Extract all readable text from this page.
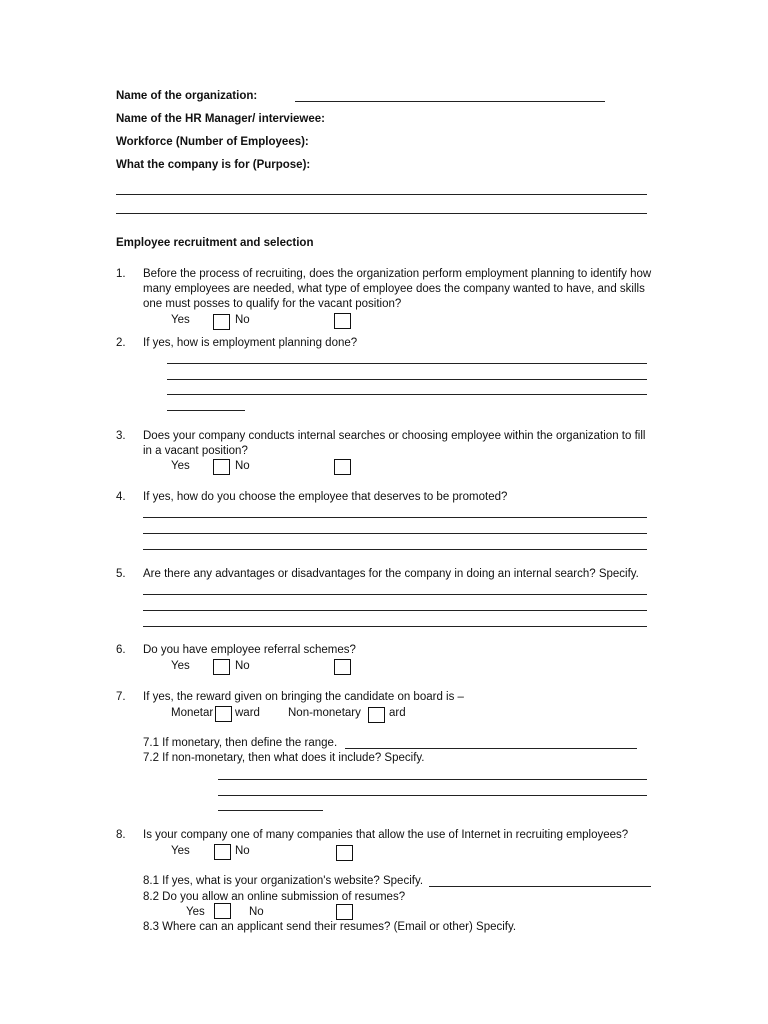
Name of the organization:
Name of the HR Manager/ interviewee:
Workforce (Number of Employees):
What the company is for (Purpose):
Employee recruitment and selection
1. Before the process of recruiting, does the organization perform employment planning to identify how many employees are needed, what type of employee does the company wanted to have, and skills one must posses to qualify for the vacant position?
Yes	No
2. If yes, how is employment planning done?
3. Does your company conducts internal searches or choosing employee within the organization to fill in a vacant position?
Yes	No
4. If yes, how do you choose the employee that deserves to be promoted?
5. Are there any advantages or disadvantages for the company in doing an internal search? Specify.
6. Do you have employee referral schemes?
Yes	No
7. If yes, the reward given on bringing the candidate on board is –
Monetar ward Non-monetary ard
7.1 If monetary, then define the range.
7.2 If non-monetary, then what does it include? Specify.
8. Is your company one of many companies that allow the use of Internet in recruiting employees?
Yes	No
8.1 If yes, what is your organization's website? Specify.
8.2 Do you allow an online submission of resumes?
Yes	No
8.3 Where can an applicant send their resumes? (Email or other) Specify.
